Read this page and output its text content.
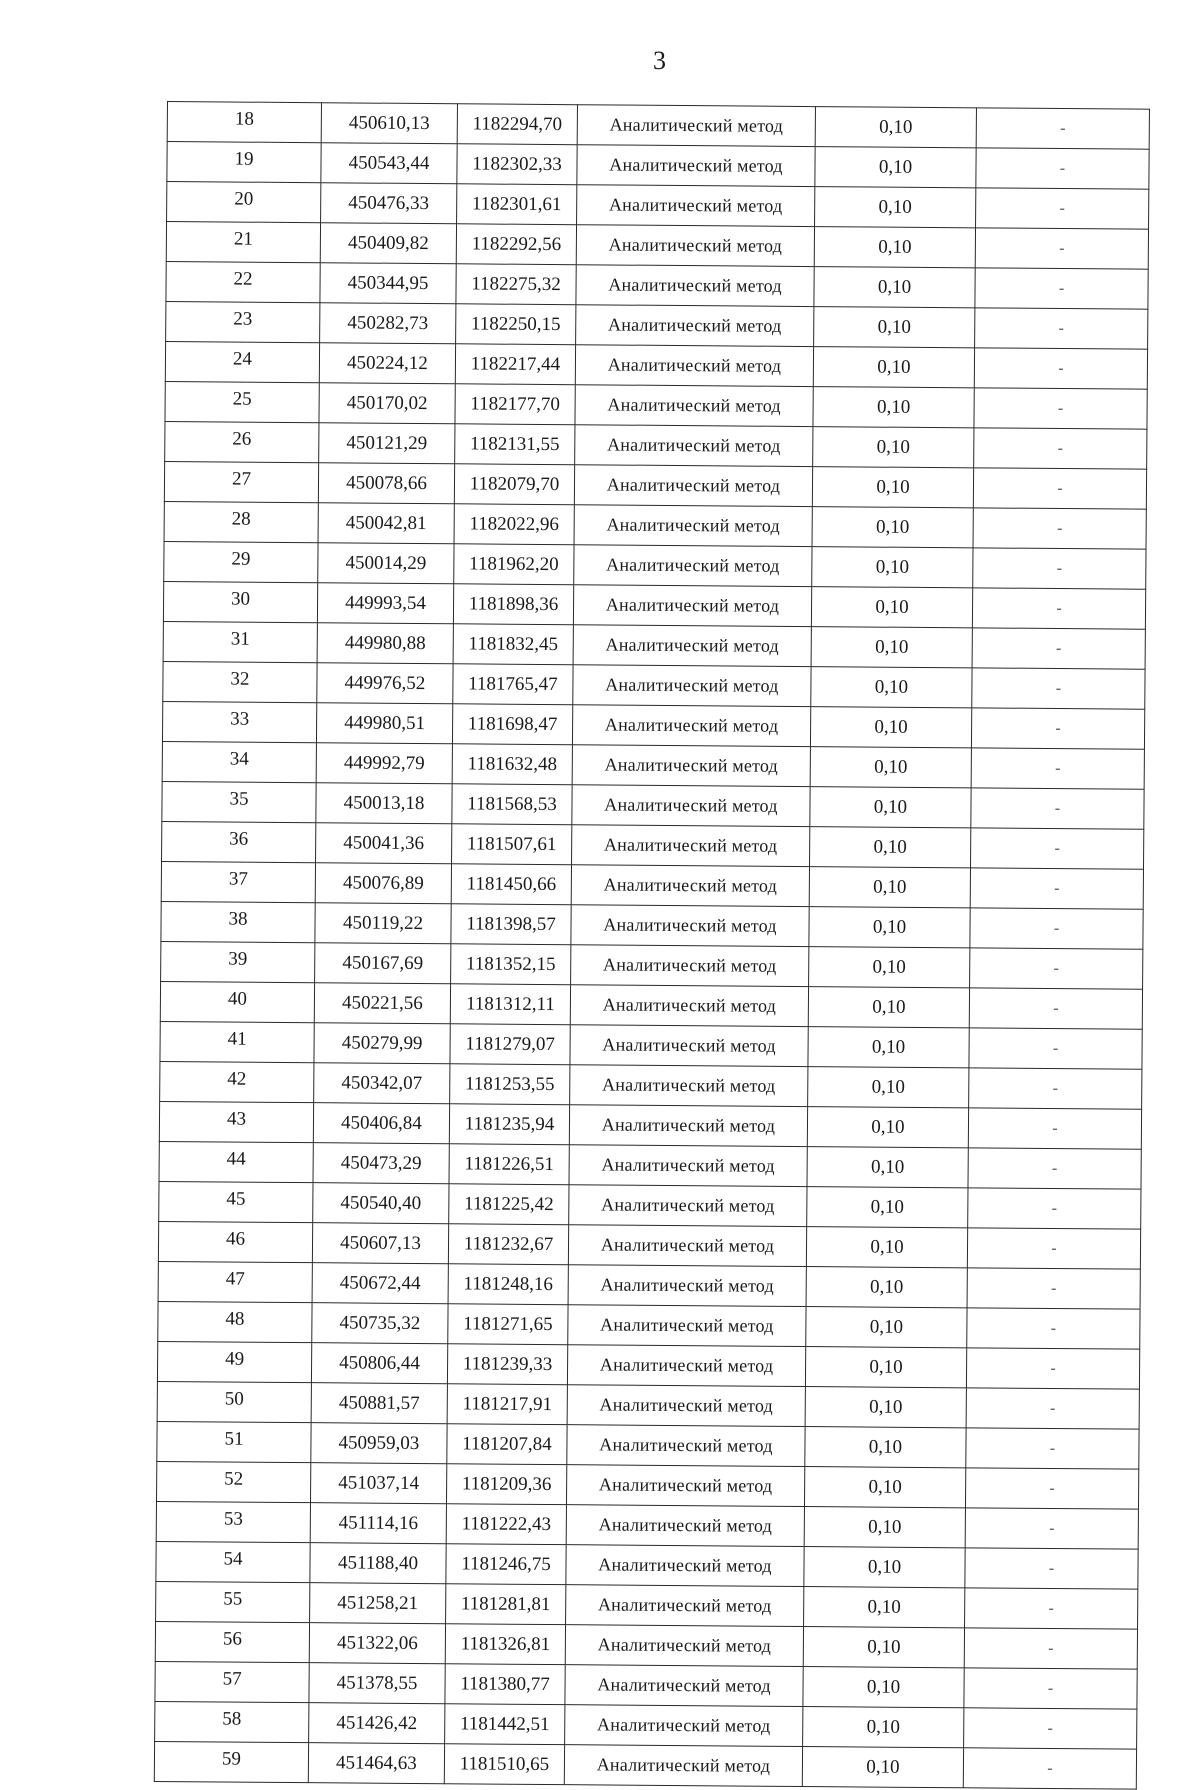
3
18	450610,13	1182294,70	Аналитический метод	0,10	-
19	450543,44	1182302,33	Аналитический метод	0,10	-
20	450476,33	1182301,61	Аналитический метод	0,10	-
21	450409,82	1182292,56	Аналитический метод	0,10	-
22	450344,95	1182275,32	Аналитический метод	0,10	-
23	450282,73	1182250,15	Аналитический метод	0,10	-
24	450224,12	1182217,44	Аналитический метод	0,10	-
25	450170,02	1182177,70	Аналитический метод	0,10	-
26	450121,29	1182131,55	Аналитический метод	0,10	-
27	450078,66	1182079,70	Аналитический метод	0,10	-
28	450042,81	1182022,96	Аналитический метод	0,10	-
29	450014,29	1181962,20	Аналитический метод	0,10	-
30	449993,54	1181898,36	Аналитический метод	0,10	-
31	449980,88	1181832,45	Аналитический метод	0,10	-
32	449976,52	1181765,47	Аналитический метод	0,10	-
33	449980,51	1181698,47	Аналитический метод	0,10	-
34	449992,79	1181632,48	Аналитический метод	0,10	-
35	450013,18	1181568,53	Аналитический метод	0,10	-
36	450041,36	1181507,61	Аналитический метод	0,10	-
37	450076,89	1181450,66	Аналитический метод	0,10	-
38	450119,22	1181398,57	Аналитический метод	0,10	-
39	450167,69	1181352,15	Аналитический метод	0,10	-
40	450221,56	1181312,11	Аналитический метод	0,10	-
41	450279,99	1181279,07	Аналитический метод	0,10	-
42	450342,07	1181253,55	Аналитический метод	0,10	-
43	450406,84	1181235,94	Аналитический метод	0,10	-
44	450473,29	1181226,51	Аналитический метод	0,10	-
45	450540,40	1181225,42	Аналитический метод	0,10	-
46	450607,13	1181232,67	Аналитический метод	0,10	-
47	450672,44	1181248,16	Аналитический метод	0,10	-
48	450735,32	1181271,65	Аналитический метод	0,10	-
49	450806,44	1181239,33	Аналитический метод	0,10	-
50	450881,57	1181217,91	Аналитический метод	0,10	-
51	450959,03	1181207,84	Аналитический метод	0,10	-
52	451037,14	1181209,36	Аналитический метод	0,10	-
53	451114,16	1181222,43	Аналитический метод	0,10	-
54	451188,40	1181246,75	Аналитический метод	0,10	-
55	451258,21	1181281,81	Аналитический метод	0,10	-
56	451322,06	1181326,81	Аналитический метод	0,10	-
57	451378,55	1181380,77	Аналитический метод	0,10	-
58	451426,42	1181442,51	Аналитический метод	0,10	-
59	451464,63	1181510,65	Аналитический метод	0,10	-
